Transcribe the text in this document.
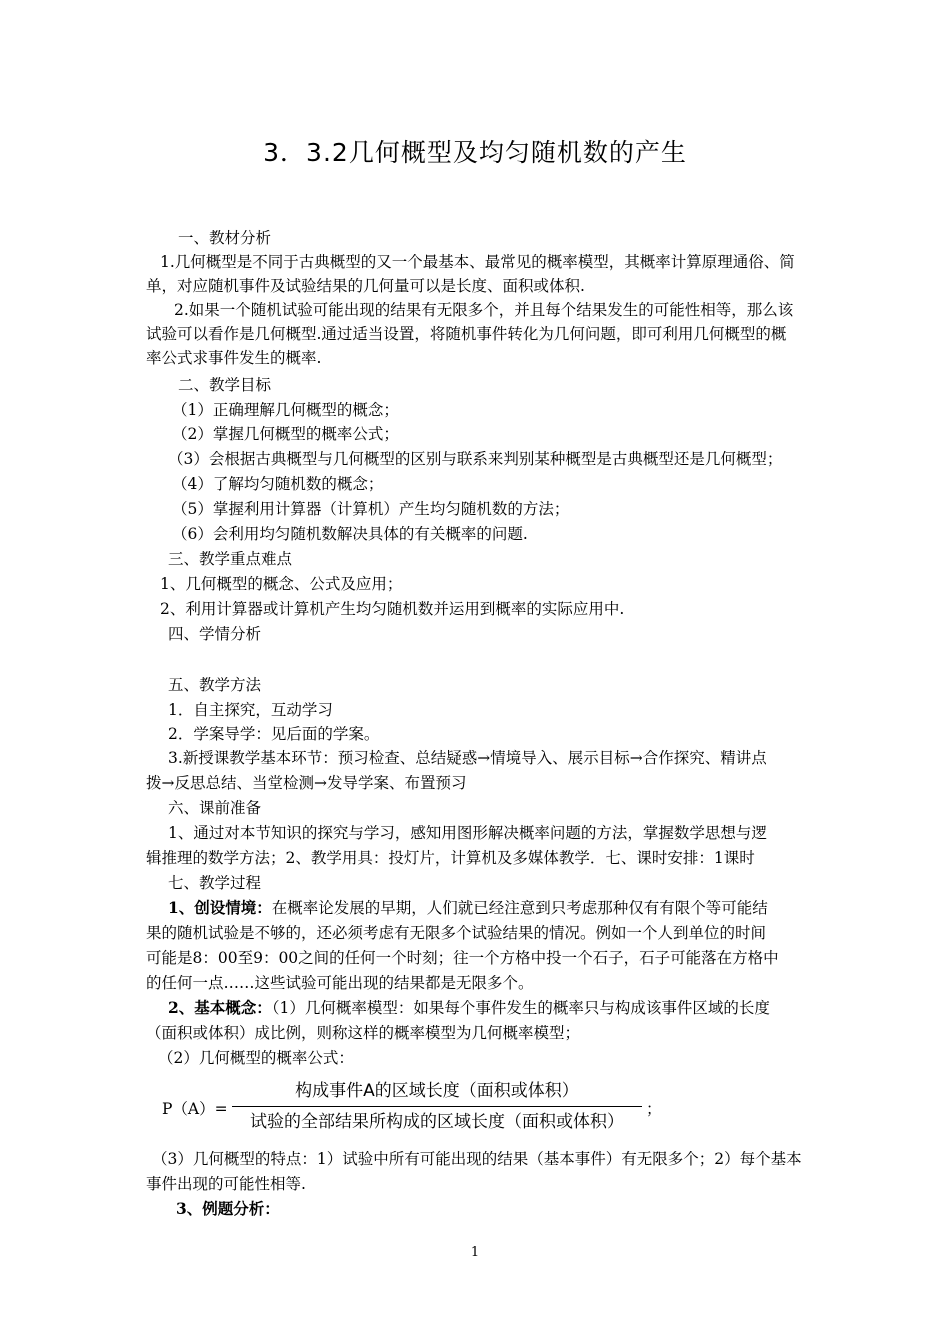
3．3.2几何概型及均匀随机数的产生
一、教材分析
1.几何概型是不同于古典概型的又一个最基本、最常见的概率模型，其概率计算原理通俗、简
单，对应随机事件及试验结果的几何量可以是长度、面积或体积.
2.如果一个随机试验可能出现的结果有无限多个，并且每个结果发生的可能性相等，那么该
试验可以看作是几何概型.通过适当设置，将随机事件转化为几何问题，即可利用几何概型的概
率公式求事件发生的概率.
二、教学目标
（1）正确理解几何概型的概念；
（2）掌握几何概型的概率公式；
（3）会根据古典概型与几何概型的区别与联系来判别某种概型是古典概型还是几何概型；
（4）了解均匀随机数的概念；
（5）掌握利用计算器（计算机）产生均匀随机数的方法；
（6）会利用均匀随机数解决具体的有关概率的问题.
三、教学重点难点
1、几何概型的概念、公式及应用；
2、利用计算器或计算机产生均匀随机数并运用到概率的实际应用中.
四、学情分析
五、教学方法
1．自主探究，互动学习
2．学案导学：见后面的学案。
3.新授课教学基本环节：预习检查、总结疑惑→情境导入、展示目标→合作探究、精讲点
拨→反思总结、当堂检测→发导学案、布置预习
六、课前准备
1、通过对本节知识的探究与学习，感知用图形解决概率问题的方法，掌握数学思想与逻
辑推理的数学方法；2、教学用具：投灯片，计算机及多媒体教学．七、课时安排：1课时
七、教学过程
1、创设情境：在概率论发展的早期，人们就已经注意到只考虑那种仅有有限个等可能结
果的随机试验是不够的，还必须考虑有无限多个试验结果的情况。例如一个人到单位的时间
可能是8：00至9：00之间的任何一个时刻；往一个方格中投一个石子，石子可能落在方格中
的任何一点……这些试验可能出现的结果都是无限多个。
2、基本概念：（1）几何概率模型：如果每个事件发生的概率只与构成该事件区域的长度
（面积或体积）成比例，则称这样的概率模型为几何概率模型；
（2）几何概型的概率公式：
P（A）=
构成事件A的区域长度（面积或体积）
试验的全部结果所构成的区域长度（面积或体积）
；
（3）几何概型的特点：1）试验中所有可能出现的结果（基本事件）有无限多个；2）每个基本
事件出现的可能性相等.
3、例题分析：
1
